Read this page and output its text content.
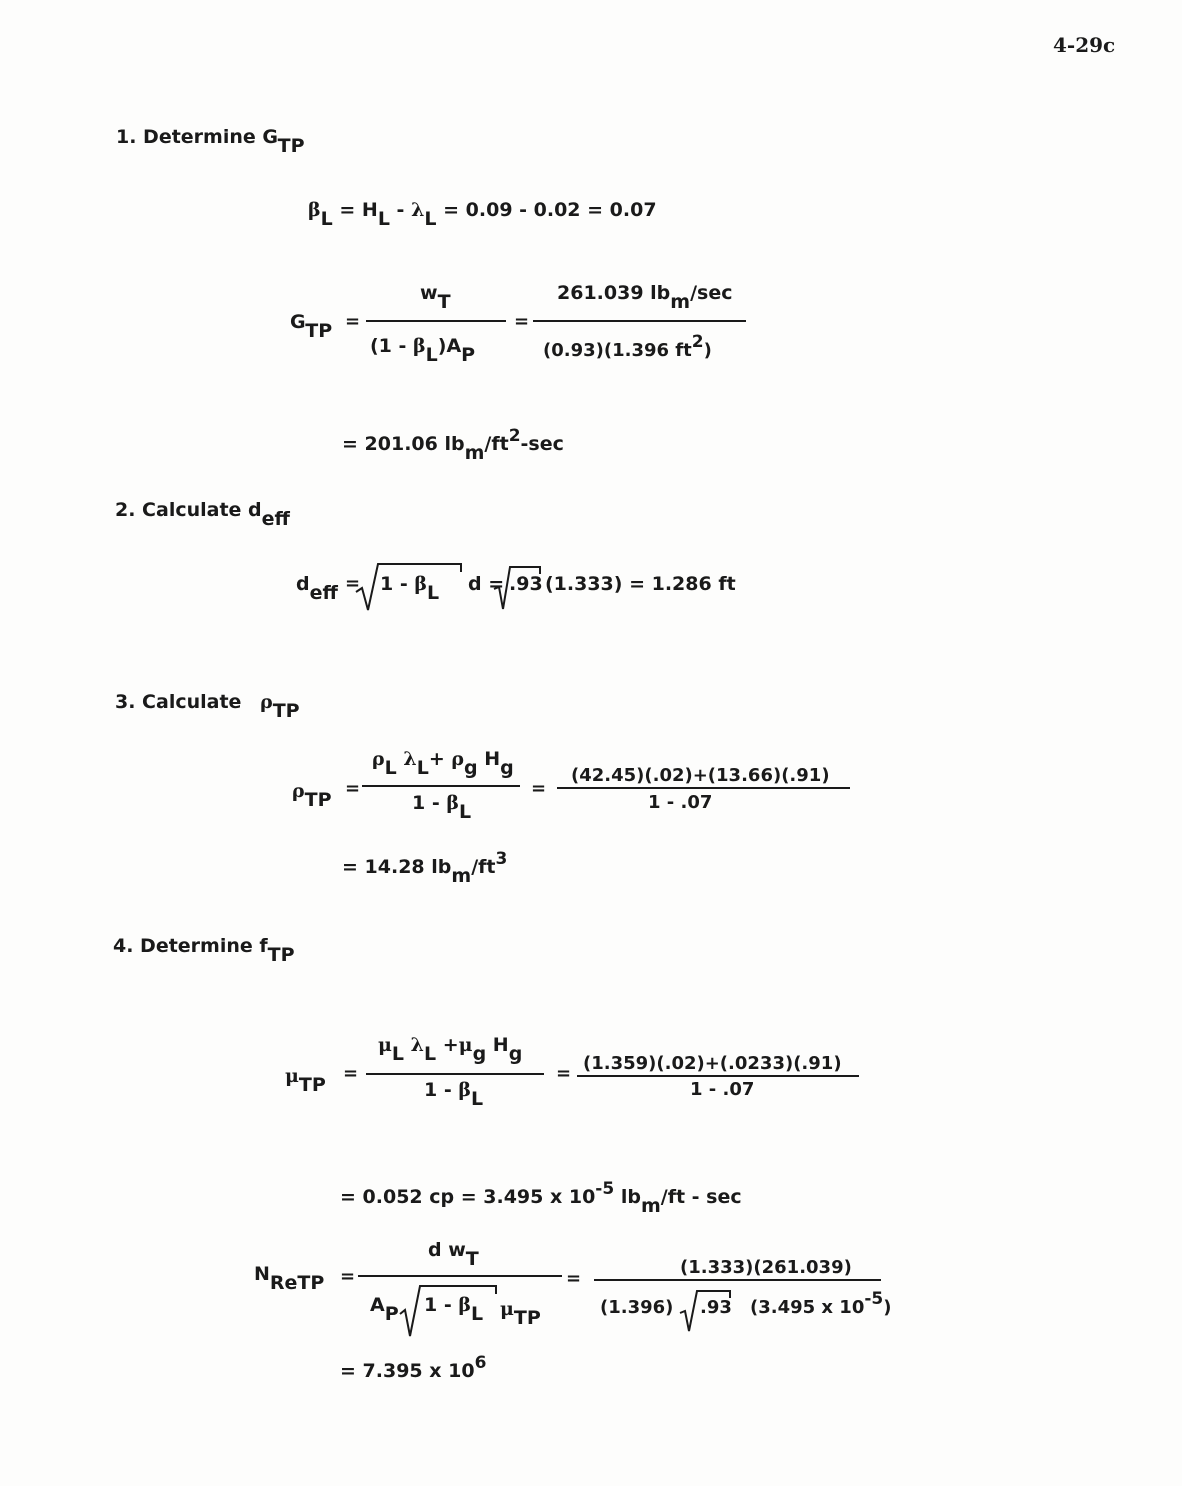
4-29c
1. Determine GTP
βL = HL - λL = 0.09 - 0.02 = 0.07
GTP =
wT
(1 - βL)AP
=
261.039 lbm/sec
(0.93)(1.396 ft2)
= 201.06 lbm/ft2-sec
2. Calculate deff
deff = 1 - βL d = .93 (1.333) = 1.286 ft
3. Calculate ρTP
ρTP
=
ρL λL+ ρg Hg
1 - βL
=
(42.45)(.02)+(13.66)(.91)
1 - .07
= 14.28 lbm/ft3
4. Determine fTP
μTP
=
μL λL +μg Hg
1 - βL
= (1.359)(.02)+(.0233)(.91)
1 - .07
= 0.052 cp = 3.495 x 10-5 lbm/ft - sec
NReTP =
d wT
AP 1 - βL μTP
=
(1.333)(261.039)
(1.396) .93 (3.495 x 10-5)
= 7.395 x 106
